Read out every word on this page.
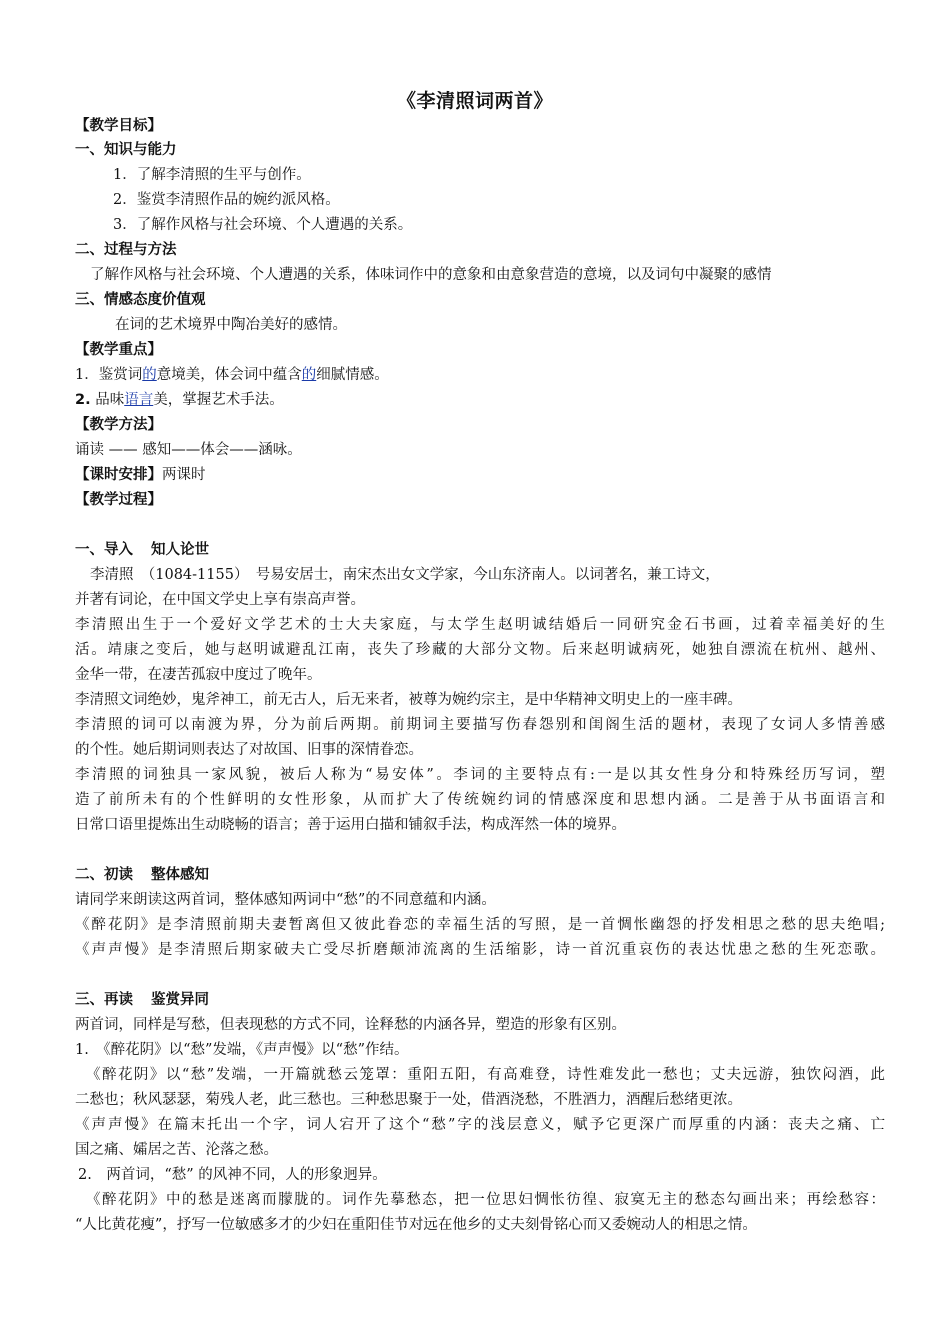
《李清照词两首》
【教学目标】
一、知识与能力
1．了解李清照的生平与创作。
2．鉴赏李清照作品的婉约派风格。
3．了解作风格与社会环境、个人遭遇的关系。
二、过程与方法
了解作风格与社会环境、个人遭遇的关系，体味词作中的意象和由意象营造的意境，以及词句中凝聚的感情
三、情感态度价值观
在词的艺术境界中陶冶美好的感情。
【教学重点】
1．鉴赏词的意境美，体会词中蕴含的细腻情感。
2. 品味语言美，掌握艺术手法。
【教学方法】
诵读 —— 感知——体会——涵咏。
【课时安排】两课时
【教学过程】
一、导入 知人论世
李清照　（1084-1155）　号易安居士，南宋杰出女文学家，今山东济南人。以词著名，兼工诗文，
并著有词论，在中国文学史上享有崇高声誉。
李清照出生于一个爱好文学艺术的士大夫家庭，与太学生赵明诚结婚后一同研究金石书画，过着幸福美好的生
活。靖康之变后，她与赵明诚避乱江南，丧失了珍藏的大部分文物。后来赵明诚病死，她独自漂流在杭州、越州、
金华一带，在凄苦孤寂中度过了晚年。
李清照文词绝妙，鬼斧神工，前无古人，后无来者，被尊为婉约宗主，是中华精神文明史上的一座丰碑。
李清照的词可以南渡为界，分为前后两期。前期词主要描写伤春怨别和闺阁生活的题材，表现了女词人多情善感
的个性。她后期词则表达了对故国、旧事的深情眷恋。
李清照的词独具一家风貌，被后人称为“易安体”。李词的主要特点有:一是以其女性身分和特殊经历写词，塑
造了前所未有的个性鲜明的女性形象，从而扩大了传统婉约词的情感深度和思想内涵。二是善于从书面语言和
日常口语里提炼出生动晓畅的语言；善于运用白描和铺叙手法，构成浑然一体的境界。
二、初读 整体感知
请同学来朗读这两首词，整体感知两词中“愁”的不同意蕴和内涵。
《醉花阴》是李清照前期夫妻暂离但又彼此眷恋的幸福生活的写照，是一首惆怅幽怨的抒发相思之愁的思夫绝唱;
《声声慢》是李清照后期家破夫亡受尽折磨颠沛流离的生活缩影，诗一首沉重哀伤的表达忧患之愁的生死恋歌。
三、再读 鉴赏异同
两首词，同样是写愁，但表现愁的方式不同，诠释愁的内涵各异，塑造的形象有区别。
1.　《醉花阴》以“愁”发端，《声声慢》以“愁”作结。
《醉花阴》以“愁”发端，一开篇就愁云笼罩：重阳五阳，有高难登，诗性难发此一愁也；丈夫远游，独饮闷酒，此
二愁也；秋风瑟瑟，菊残人老，此三愁也。三种愁思聚于一处，借酒浇愁，不胜酒力，酒醒后愁绪更浓。
《声声慢》在篇末托出一个字，词人宕开了这个“愁”字的浅层意义，赋予它更深广而厚重的内涵：丧夫之痛、亡
国之痛、孀居之苦、沦落之愁。
2.　两首词，“愁” 的风神不同，人的形象迥异。
《醉花阴》中的愁是迷离而朦胧的。词作先摹愁态，把一位思妇惆怅彷徨、寂寞无主的愁态勾画出来；再绘愁容：
“人比黄花瘦”，抒写一位敏感多才的少妇在重阳佳节对远在他乡的丈夫刻骨铭心而又委婉动人的相思之情。
